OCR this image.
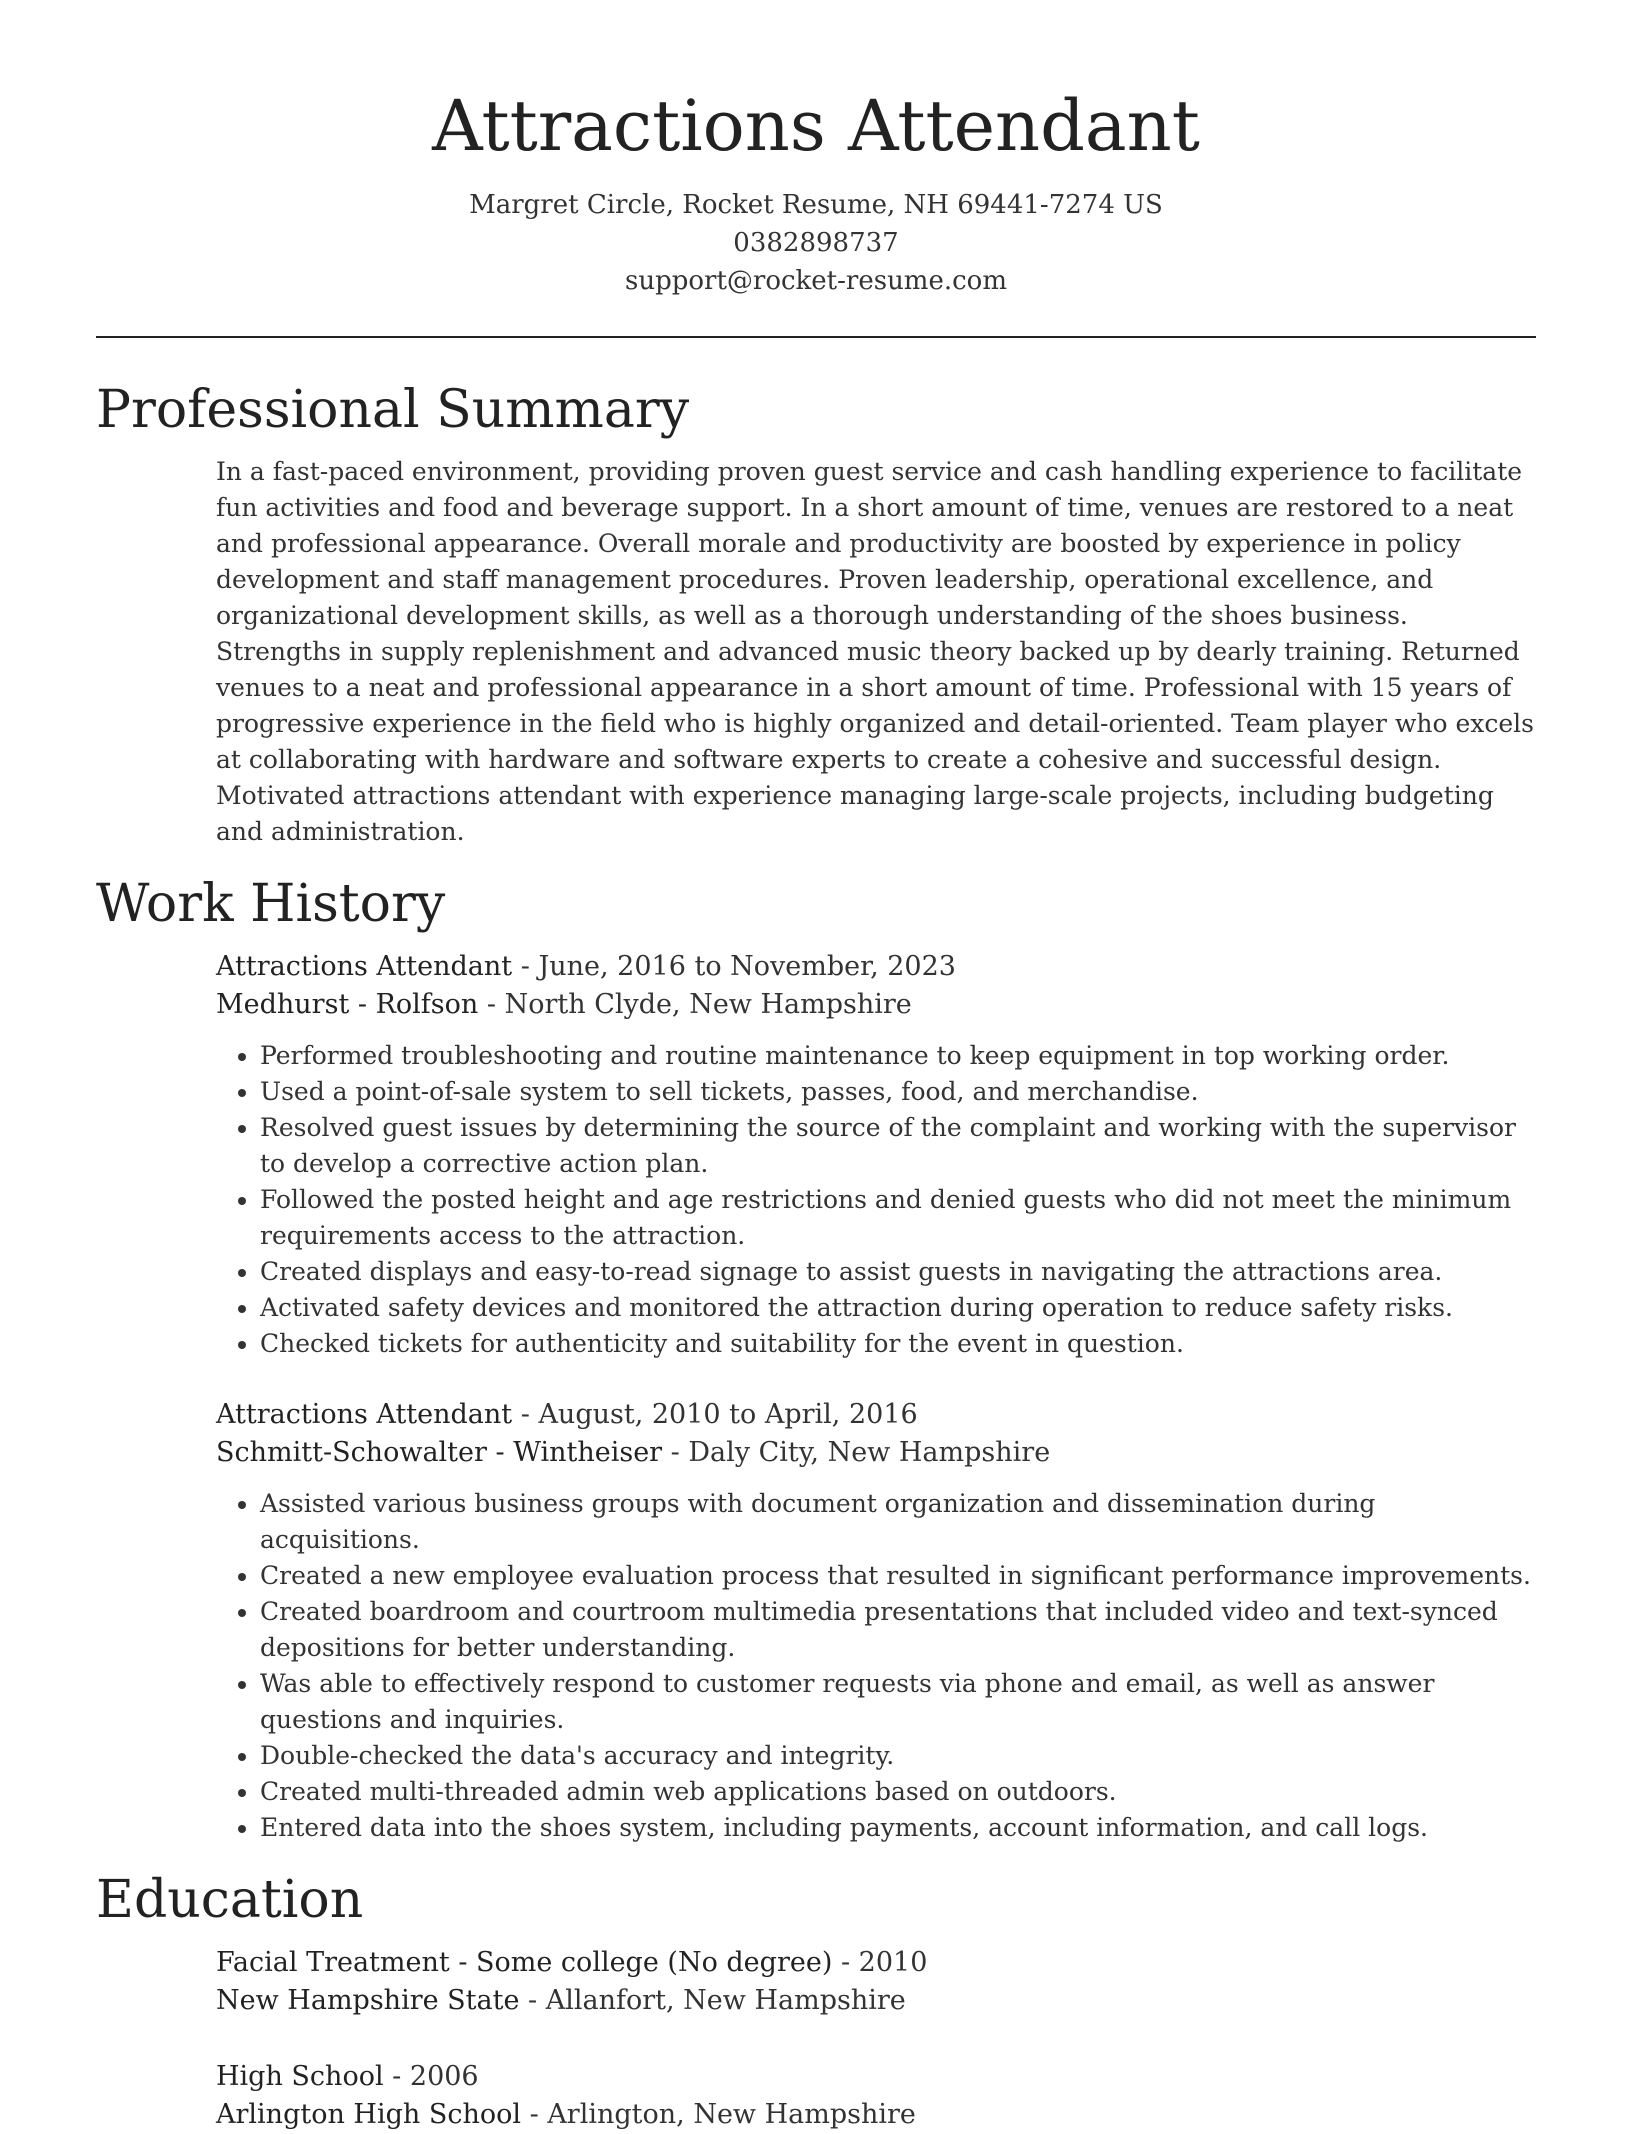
Attractions Attendant
Margret Circle, Rocket Resume, NH 69441-7274 US
0382898737
support@rocket-resume.com
Professional Summary

In a fast-paced environment, providing proven guest service and cash handling experience to facilitate fun activities and food and beverage support. In a short amount of time, venues are restored to a neat and professional appearance. Overall morale and productivity are boosted by experience in policy development and staff management procedures. Proven leadership, operational excellence, and organizational development skills, as well as a thorough understanding of the shoes business. Strengths in supply replenishment and advanced music theory backed up by dearly training. Returned venues to a neat and professional appearance in a short amount of time. Professional with 15 years of progressive experience in the field who is highly organized and detail-oriented. Team player who excels at collaborating with hardware and software experts to create a cohesive and successful design. Motivated attractions attendant with experience managing large-scale projects, including budgeting and administration.

Work History
Attractions Attendant - June, 2016 to November, 2023
Medhurst - Rolfson - North Clyde, New Hampshire
• Performed troubleshooting and routine maintenance to keep equipment in top working order.
• Used a point-of-sale system to sell tickets, passes, food, and merchandise.
• Resolved guest issues by determining the source of the complaint and working with the supervisor to develop a corrective action plan.
• Followed the posted height and age restrictions and denied guests who did not meet the minimum requirements access to the attraction.
• Created displays and easy-to-read signage to assist guests in navigating the attractions area.
• Activated safety devices and monitored the attraction during operation to reduce safety risks.
• Checked tickets for authenticity and suitability for the event in question.
Attractions Attendant - August, 2010 to April, 2016
Schmitt-Schowalter - Wintheiser - Daly City, New Hampshire
• Assisted various business groups with document organization and dissemination during acquisitions.
• Created a new employee evaluation process that resulted in significant performance improvements.
• Created boardroom and courtroom multimedia presentations that included video and text-synced depositions for better understanding.
• Was able to effectively respond to customer requests via phone and email, as well as answer questions and inquiries.
• Double-checked the data's accuracy and integrity.
• Created multi-threaded admin web applications based on outdoors.
• Entered data into the shoes system, including payments, account information, and call logs.
Education
Facial Treatment - Some college (No degree) - 2010
New Hampshire State - Allanfort, New Hampshire
High School - 2006
Arlington High School - Arlington, New Hampshire
